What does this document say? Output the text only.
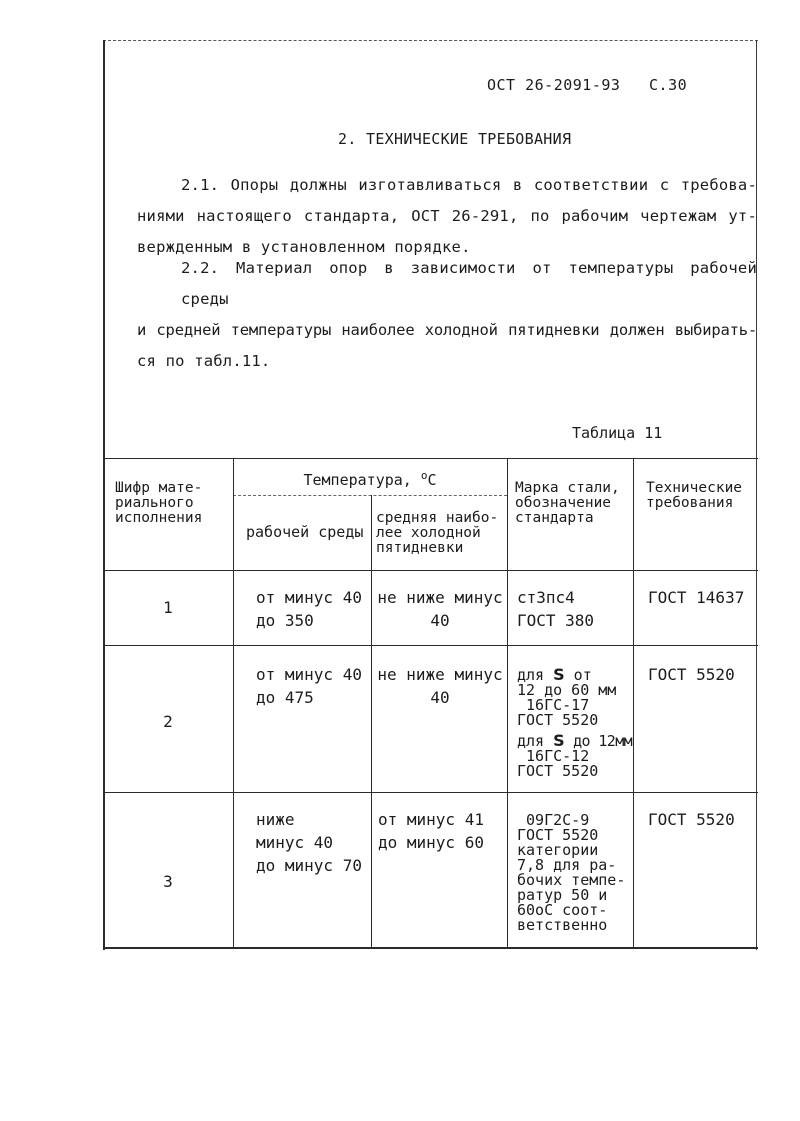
ОСТ 26-2091-93 С.30
2. ТЕХНИЧЕСКИЕ ТРЕБОВАНИЯ
2.1. Опоры должны изготавливаться в соответствии с требова-
ниями настоящего стандарта, ОСТ 26-291, по рабочим чертежам ут-
вержденным в установленном порядке.
2.2. Материал опор в зависимости от температуры рабочей среды
и средней температуры наиболее холодной пятидневки должен выбирать-
ся по табл.11.
Таблица 11
Шифр мате-
риального
исполнения
Температура, $^о$С
рабочей среды
средняя наибо-
лее холодной
пятидневки
Марка стали,
обозначение
стандарта
Технические
требования
1
от минус 40
до 350
не ниже минус
40
ст3пс4
ГОСТ 380
ГОСТ 14637
2
от минус 40
до 475
не ниже минус
40
для S от
12 до 60 мм
16ГС-17
ГОСТ 5520
для S до 12мм
16ГС-12
ГОСТ 5520
ГОСТ 5520
3
ниже
минус 40
до минус 70
от минус 41
до минус 60
09Г2С-9
ГОСТ 5520
категории
7,8 для ра-
бочих темпе-
ратур 50 и
60оС соот-
ветственно
ГОСТ 5520
